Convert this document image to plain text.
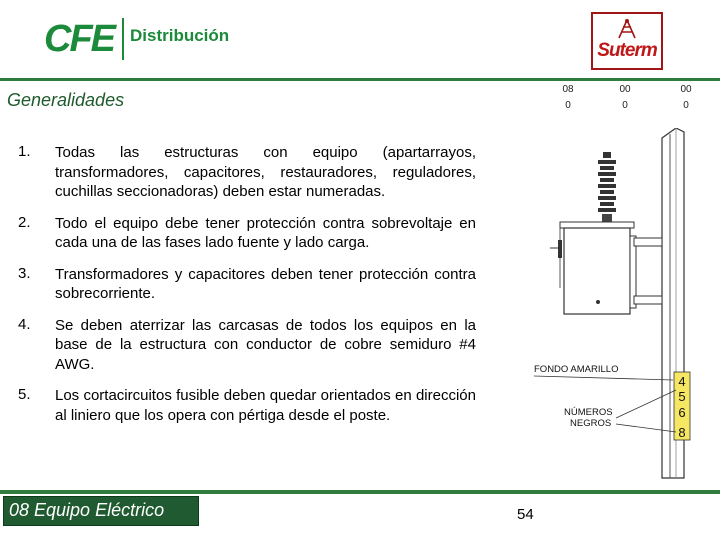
CFE Distribución
Suterm
Generalidades
08	00	00
0	0	0
1. Todas las estructuras con equipo (apartarrayos, transformadores, capacitores, restauradores, reguladores, cuchillas seccionadoras) deben estar numeradas.
2. Todo el equipo debe tener protección contra sobrevoltaje en cada una de las fases lado fuente y lado carga.
3. Transformadores y capacitores deben tener protección contra sobrecorriente.
4. Se deben aterrizar las carcasas de todos los equipos en la base de la estructura con conductor de cobre semiduro #4 AWG.
5. Los cortacircuitos fusible deben quedar orientados en dirección al liniero que los opera con pértiga desde el poste.
4
5
6
8
FONDO AMARILLO
NÚMEROS
NEGROS
08 Equipo Eléctrico	54
